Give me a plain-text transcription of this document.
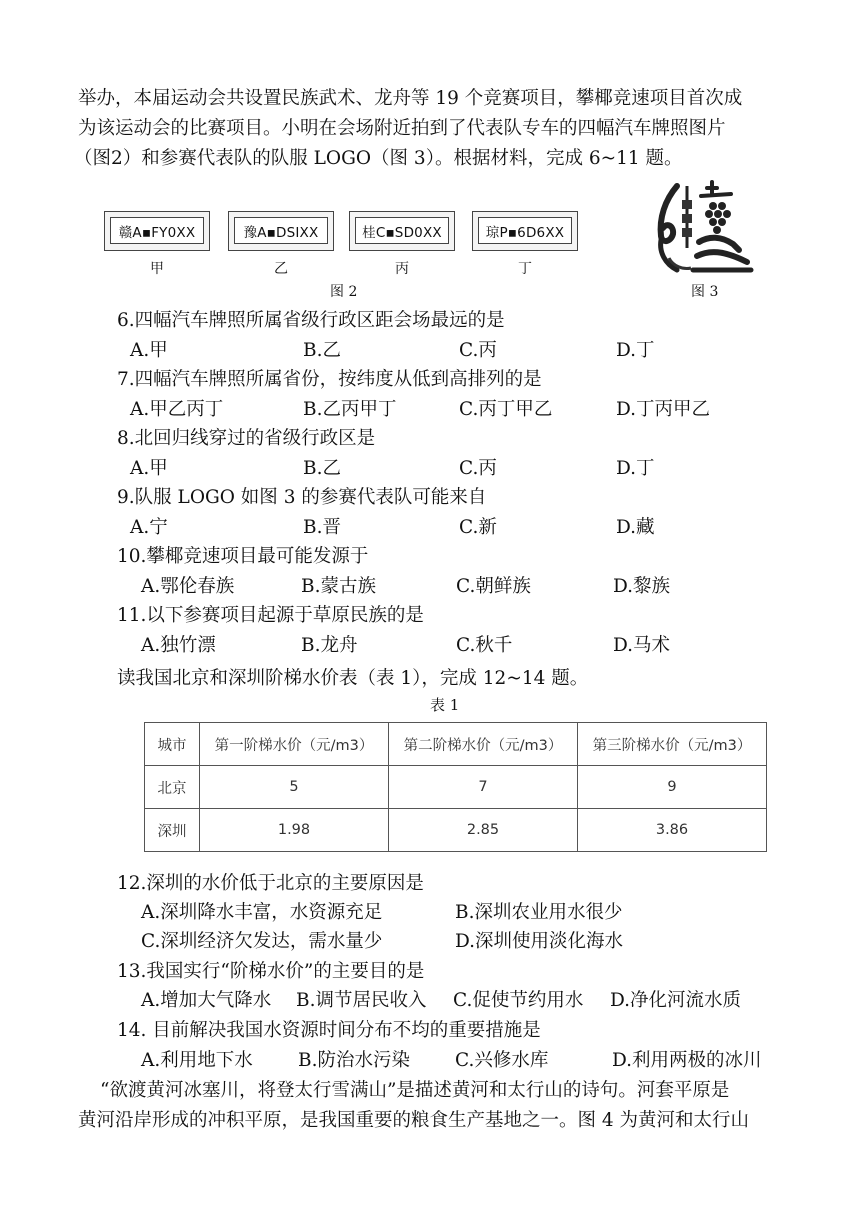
举办，本届运动会共设置民族武术、龙舟等 19 个竞赛项目，攀椰竞速项目首次成
为该运动会的比赛项目。小明在会场附近拍到了代表队专车的四幅汽车牌照图片
（图2）和参赛代表队的队服 LOGO（图 3）。根据材料，完成 6~11 题。
赣A▪FY0XX
甲
豫A▪DSIXX
乙
桂C▪SD0XX
丙
琼P▪6D6XX
丁
图 2	图 3
6.四幅汽车牌照所属省级行政区距会场最远的是
A.甲	B.乙	C.丙	D.丁
7.四幅汽车牌照所属省份，按纬度从低到高排列的是
A.甲乙丙丁	B.乙丙甲丁	C.丙丁甲乙	D.丁丙甲乙
8.北回归线穿过的省级行政区是
A.甲	B.乙	C.丙	D.丁
9.队服 LOGO 如图 3 的参赛代表队可能来自
A.宁	B.晋	C.新	D.藏
10.攀椰竞速项目最可能发源于
A.鄂伦春族	B.蒙古族	C.朝鲜族	D.黎族
11.以下参赛项目起源于草原民族的是
A.独竹漂	B.龙舟	C.秋千	D.马术
读我国北京和深圳阶梯水价表（表 1），完成 12~14 题。
表 1
城市	第一阶梯水价（元/m3）	第二阶梯水价（元/m3）	第三阶梯水价（元/m3）
北京	5	7	9
深圳	1.98	2.85	3.86
12.深圳的水价低于北京的主要原因是
A.深圳降水丰富，水资源充足	B.深圳农业用水很少
C.深圳经济欠发达，需水量少	D.深圳使用淡化海水
13.我国实行“阶梯水价”的主要目的是
A.增加大气降水 B.调节居民收入 C.促使节约用水 D.净化河流水质
14. 目前解决我国水资源时间分布不均的重要措施是
A.利用地下水 B.防治水污染 C.兴修水库	D.利用两极的冰川
“欲渡黄河冰塞川，将登太行雪满山”是描述黄河和太行山的诗句。河套平原是
黄河沿岸形成的冲积平原，是我国重要的粮食生产基地之一。图 4 为黄河和太行山
